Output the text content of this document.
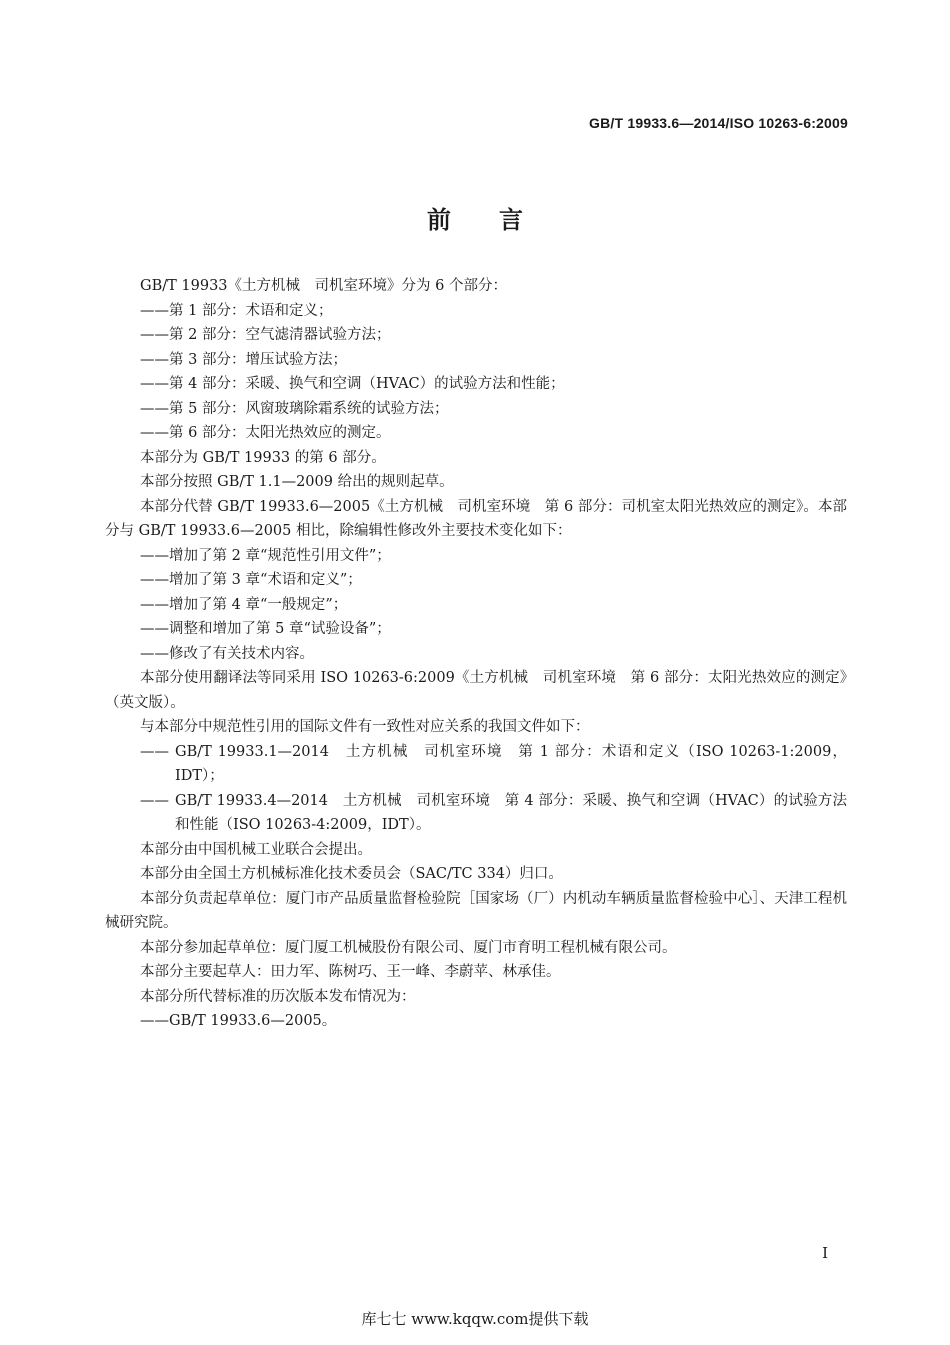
GB/T 19933.6—2014/ISO 10263-6:2009
前言

GB/T 19933《土方机械　司机室环境》分为 6 个部分：

——第 1 部分：术语和定义；

——第 2 部分：空气滤清器试验方法；

——第 3 部分：增压试验方法；

——第 4 部分：采暖、换气和空调（HVAC）的试验方法和性能；

——第 5 部分：风窗玻璃除霜系统的试验方法；

——第 6 部分：太阳光热效应的测定。

本部分为 GB/T 19933 的第 6 部分。

本部分按照 GB/T 1.1—2009 给出的规则起草。

本部分代替 GB/T 19933.6—2005《土方机械　司机室环境　第 6 部分：司机室太阳光热效应的测定》。本部分与 GB/T 19933.6—2005 相比，除编辑性修改外主要技术变化如下：

——增加了第 2 章“规范性引用文件”；

——增加了第 3 章“术语和定义”；

——增加了第 4 章“一般规定”；

——调整和增加了第 5 章“试验设备”；

——修改了有关技术内容。

本部分使用翻译法等同采用 ISO 10263-6:2009《土方机械　司机室环境　第 6 部分：太阳光热效应的测定》（英文版）。

与本部分中规范性引用的国际文件有一致性对应关系的我国文件如下：

—— GB/T 19933.1—2014　土方机械　司机室环境　第 1 部分：术语和定义（ISO 10263-1:2009，IDT）；

—— GB/T 19933.4—2014　土方机械　司机室环境　第 4 部分：采暖、换气和空调（HVAC）的试验方法和性能（ISO 10263-4:2009，IDT）。

本部分由中国机械工业联合会提出。

本部分由全国土方机械标准化技术委员会（SAC/TC 334）归口。

本部分负责起草单位：厦门市产品质量监督检验院［国家场（厂）内机动车辆质量监督检验中心］、天津工程机械研究院。

本部分参加起草单位：厦门厦工机械股份有限公司、厦门市育明工程机械有限公司。

本部分主要起草人：田力军、陈树巧、王一峰、李蔚苹、林承佳。

本部分所代替标准的历次版本发布情况为：

——GB/T 19933.6—2005。

I
库七七 www.kqqw.com提供下载
